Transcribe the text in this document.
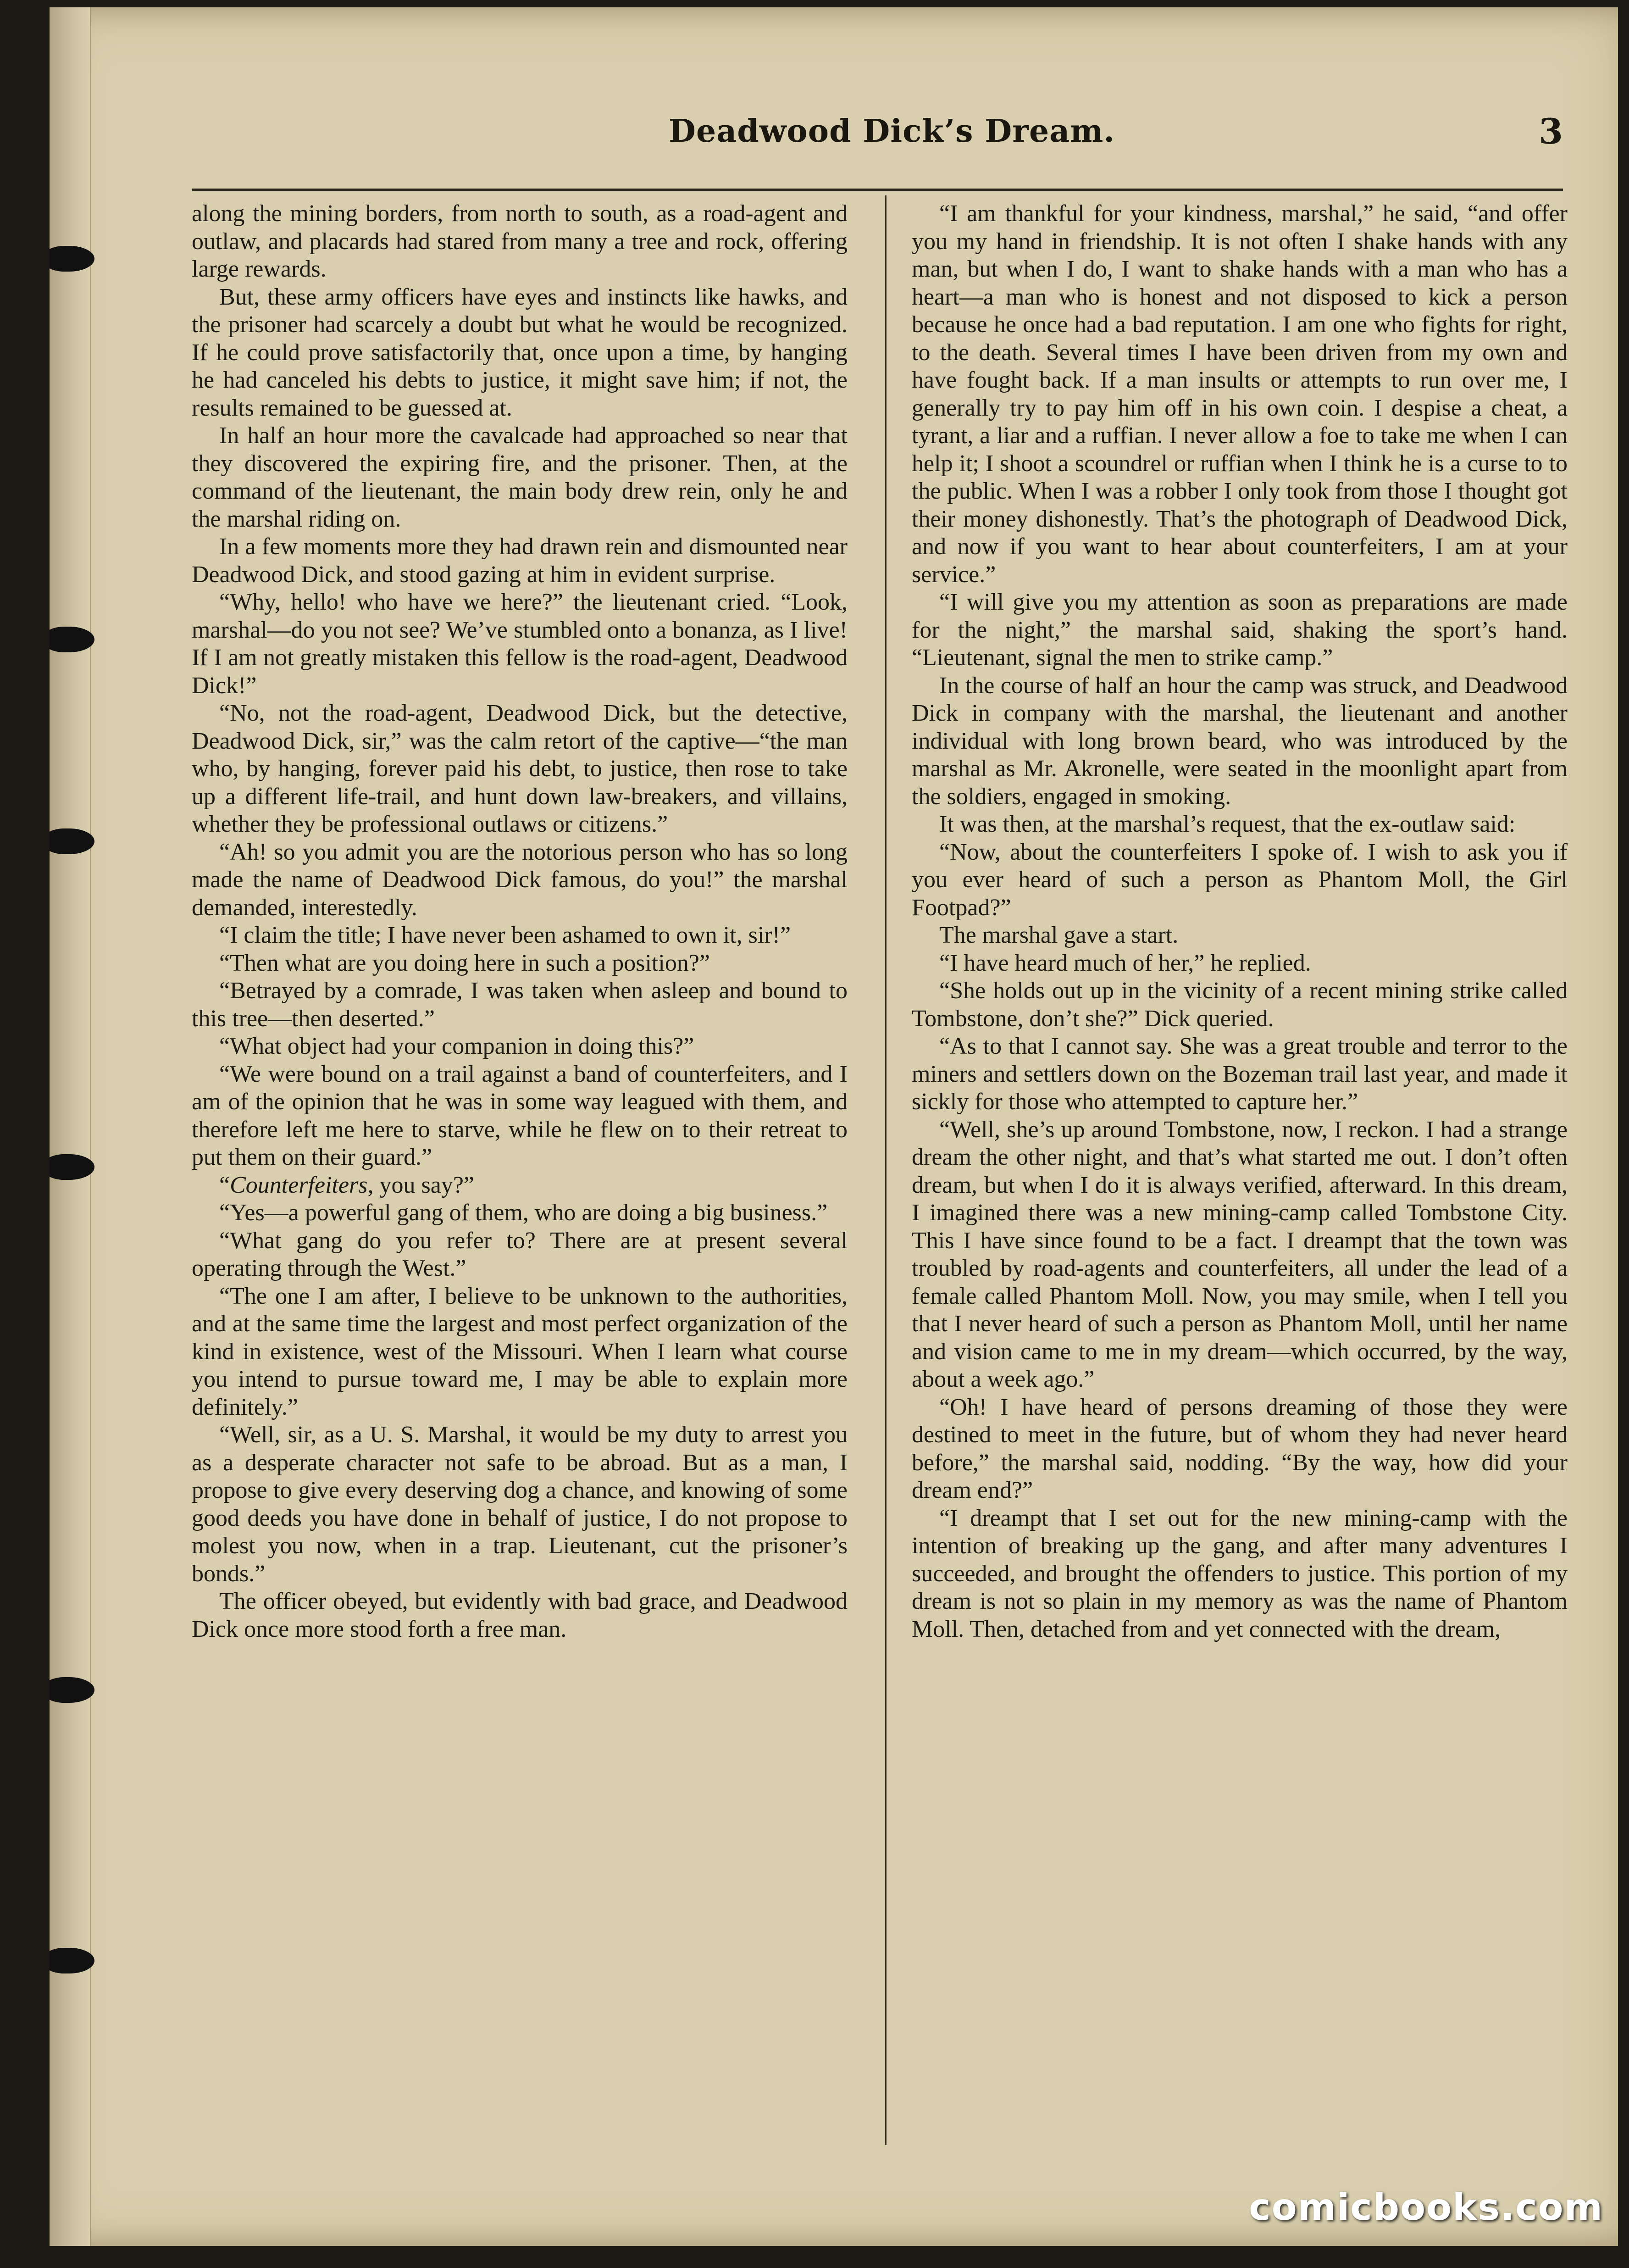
Deadwood Dick’s Dream.	3

along the mining borders, from north to south, as a road-agent and outlaw, and placards had stared from many a tree and rock, offering large rewards.

But, these army officers have eyes and instincts like hawks, and the prisoner had scarcely a doubt but what he would be recognized. If he could prove satisfactorily that, once upon a time, by hanging he had canceled his debts to justice, it might save him; if not, the results remained to be guessed at.

In half an hour more the cavalcade had approached so near that they discovered the expiring fire, and the prisoner. Then, at the command of the lieutenant, the main body drew rein, only he and the marshal riding on.

In a few moments more they had drawn rein and dismounted near Deadwood Dick, and stood gazing at him in evident surprise.

“Why, hello! who have we here?” the lieutenant cried. “Look, marshal—do you not see? We’ve stumbled onto a bonanza, as I live! If I am not greatly mistaken this fellow is the road-agent, Deadwood Dick!”

“No, not the road-agent, Deadwood Dick, but the detective, Deadwood Dick, sir,” was the calm retort of the captive—“the man who, by hanging, forever paid his debt, to justice, then rose to take up a different life-trail, and hunt down law-breakers, and villains, whether they be professional outlaws or citizens.”

“Ah! so you admit you are the notorious person who has so long made the name of Deadwood Dick famous, do you!” the marshal demanded, interestedly.

“I claim the title; I have never been ashamed to own it, sir!”

“Then what are you doing here in such a position?”

“Betrayed by a comrade, I was taken when asleep and bound to this tree—then deserted.”

“What object had your companion in doing this?”

“We were bound on a trail against a band of counterfeiters, and I am of the opinion that he was in some way leagued with them, and therefore left me here to starve, while he flew on to their retreat to put them on their guard.”

“Counterfeiters, you say?”

“Yes—a powerful gang of them, who are doing a big business.”

“What gang do you refer to? There are at present several operating through the West.”

“The one I am after, I believe to be unknown to the authorities, and at the same time the largest and most perfect organization of the kind in existence, west of the Missouri. When I learn what course you intend to pursue toward me, I may be able to explain more definitely.”

“Well, sir, as a U. S. Marshal, it would be my duty to arrest you as a desperate character not safe to be abroad. But as a man, I propose to give every deserving dog a chance, and knowing of some good deeds you have done in behalf of justice, I do not propose to molest you now, when in a trap. Lieutenant, cut the prisoner’s bonds.”

The officer obeyed, but evidently with bad grace, and Deadwood Dick once more stood forth a free man.

“I am thankful for your kindness, marshal,” he said, “and offer you my hand in friendship. It is not often I shake hands with any man, but when I do, I want to shake hands with a man who has a heart—a man who is honest and not disposed to kick a person because he once had a bad reputation. I am one who fights for right, to the death. Several times I have been driven from my own and have fought back. If a man insults or attempts to run over me, I generally try to pay him off in his own coin. I despise a cheat, a tyrant, a liar and a ruffian. I never allow a foe to take me when I can help it; I shoot a scoundrel or ruffian when I think he is a curse to to the public. When I was a robber I only took from those I thought got their money dishonestly. That’s the photograph of Deadwood Dick, and now if you want to hear about counterfeiters, I am at your service.”

“I will give you my attention as soon as preparations are made for the night,” the marshal said, shaking the sport’s hand. “Lieutenant, signal the men to strike camp.”

In the course of half an hour the camp was struck, and Deadwood Dick in company with the marshal, the lieutenant and another individual with long brown beard, who was introduced by the marshal as Mr. Akronelle, were seated in the moonlight apart from the soldiers, engaged in smoking.

It was then, at the marshal’s request, that the ex-outlaw said:

“Now, about the counterfeiters I spoke of. I wish to ask you if you ever heard of such a person as Phantom Moll, the Girl Footpad?”

The marshal gave a start.

“I have heard much of her,” he replied.

“She holds out up in the vicinity of a recent mining strike called Tombstone, don’t she?” Dick queried.

“As to that I cannot say. She was a great trouble and terror to the miners and settlers down on the Bozeman trail last year, and made it sickly for those who attempted to capture her.”

“Well, she’s up around Tombstone, now, I reckon. I had a strange dream the other night, and that’s what started me out. I don’t often dream, but when I do it is always verified, afterward. In this dream, I imagined there was a new mining-camp called Tombstone City. This I have since found to be a fact. I dreampt that the town was troubled by road-agents and counterfeiters, all under the lead of a female called Phantom Moll. Now, you may smile, when I tell you that I never heard of such a person as Phantom Moll, until her name and vision came to me in my dream—which occurred, by the way, about a week ago.”

“Oh! I have heard of persons dreaming of those they were destined to meet in the future, but of whom they had never heard before,” the marshal said, nodding. “By the way, how did your dream end?”

“I dreampt that I set out for the new mining-camp with the intention of breaking up the gang, and after many adventures I succeeded, and brought the offenders to justice. This portion of my dream is not so plain in my memory as was the name of Phantom Moll. Then, detached from and yet connected with the dream,

comicbooks.com
